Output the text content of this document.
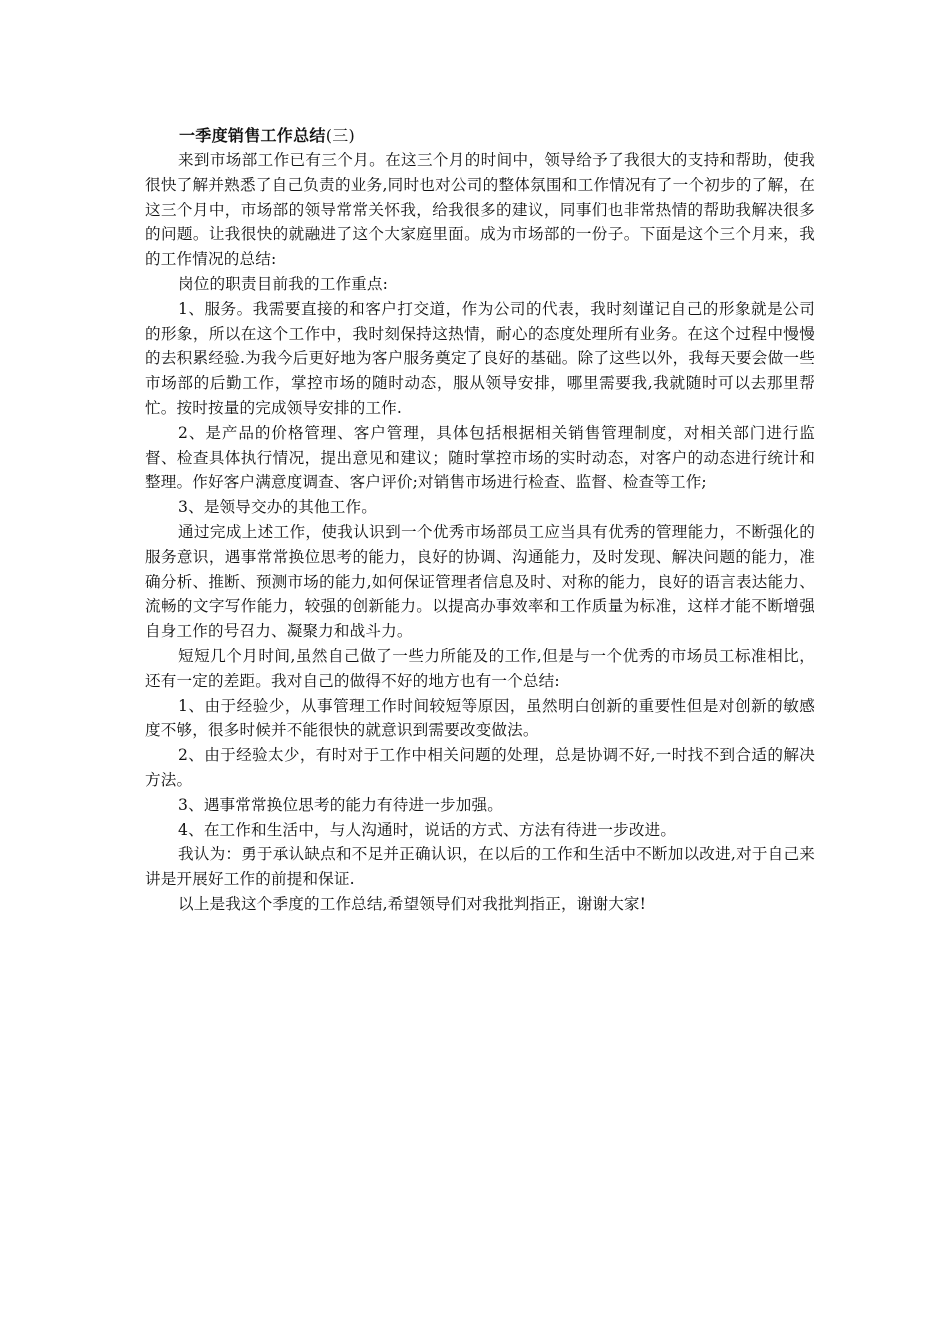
一季度销售工作总结(三)

来到市场部工作已有三个月。在这三个月的时间中，领导给予了我很大的支持和帮助，使我很快了解并熟悉了自己负责的业务,同时也对公司的整体氛围和工作情况有了一个初步的了解，在这三个月中，市场部的领导常常关怀我，给我很多的建议，同事们也非常热情的帮助我解决很多的问题。让我很快的就融进了这个大家庭里面。成为市场部的一份子。下面是这个三个月来，我的工作情况的总结:

岗位的职责目前我的工作重点:

1、服务。我需要直接的和客户打交道，作为公司的代表，我时刻谨记自己的形象就是公司的形象，所以在这个工作中，我时刻保持这热情，耐心的态度处理所有业务。在这个过程中慢慢的去积累经验.为我今后更好地为客户服务奠定了良好的基础。除了这些以外，我每天要会做一些市场部的后勤工作，掌控市场的随时动态，服从领导安排，哪里需要我,我就随时可以去那里帮忙。按时按量的完成领导安排的工作.

2、是产品的价格管理、客户管理，具体包括根据相关销售管理制度，对相关部门进行监督、检查具体执行情况，提出意见和建议；随时掌控市场的实时动态，对客户的动态进行统计和整理。作好客户满意度调查、客户评价;对销售市场进行检查、监督、检查等工作;

3、是领导交办的其他工作。

通过完成上述工作，使我认识到一个优秀市场部员工应当具有优秀的管理能力，不断强化的服务意识，遇事常常换位思考的能力，良好的协调、沟通能力，及时发现、解决问题的能力，准确分析、推断、预测市场的能力,如何保证管理者信息及时、对称的能力，良好的语言表达能力、流畅的文字写作能力，较强的创新能力。以提高办事效率和工作质量为标准，这样才能不断增强自身工作的号召力、凝聚力和战斗力。

短短几个月时间,虽然自己做了一些力所能及的工作,但是与一个优秀的市场员工标准相比，还有一定的差距。我对自己的做得不好的地方也有一个总结:

1、由于经验少，从事管理工作时间较短等原因，虽然明白创新的重要性但是对创新的敏感度不够，很多时候并不能很快的就意识到需要改变做法。

2、由于经验太少，有时对于工作中相关问题的处理，总是协调不好,一时找不到合适的解决方法。

3、遇事常常换位思考的能力有待进一步加强。

4、在工作和生活中，与人沟通时，说话的方式、方法有待进一步改进。

我认为：勇于承认缺点和不足并正确认识，在以后的工作和生活中不断加以改进,对于自己来讲是开展好工作的前提和保证.

以上是我这个季度的工作总结,希望领导们对我批判指正，谢谢大家!
